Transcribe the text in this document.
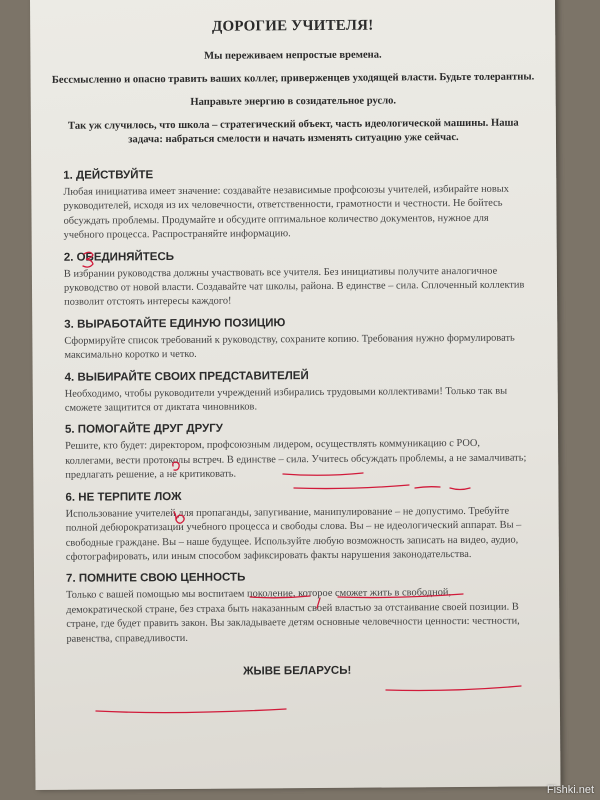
ДОРОГИЕ УЧИТЕЛЯ!

Мы переживаем непростые времена.

Бессмысленно и опасно травить ваших коллег, приверженцев уходящей власти. Будьте толерантны.

Направьте энергию в созидательное русло.

Так уж случилось, что школа – стратегический объект, часть идеологической машины. Наша задача: набраться смелости и начать изменять ситуацию уже сейчас.

1. ДЕЙСТВУЙТЕ

Любая инициатива имеет значение: создавайте независимые профсоюзы учителей, избирайте новых руководителей, исходя из их человечности, ответственности, грамотности и честности. Не бойтесь обсуждать проблемы. Продумайте и обсудите оптимальное количество документов, нужное для учебного процесса. Распространяйте информацию.

2. ОБЕДИНЯЙТЕСЬ

В избрании руководства должны участвовать все учителя. Без инициативы получите аналогичное руководство от новой власти. Создавайте чат школы, района. В единстве – сила. Сплоченный коллектив позволит отстоять интересы каждого!

3. ВЫРАБОТАЙТЕ ЕДИНУЮ ПОЗИЦИЮ

Сформируйте список требований к руководству, сохраните копию. Требования нужно формулировать максимально коротко и четко.

4. ВЫБИРАЙТЕ СВОИХ ПРЕДСТАВИТЕЛЕЙ

Необходимо, чтобы руководители учреждений избирались трудовыми коллективами! Только так вы сможете защитится от диктата чиновников.

5. ПОМОГАЙТЕ ДРУГ ДРУГУ

Решите, кто будет: директором, профсоюзным лидером, осуществлять коммуникацию с РОО, коллегами, вести протоколы встреч. В единстве – сила. Учитесь обсуждать проблемы, а не замалчивать; предлагать решение, а не критиковать.

6. НЕ ТЕРПИТЕ ЛОЖ

Использование учителей для пропаганды, запугивание, манипулирование – не допустимо. Требуйте полной дебюрократизации учебного процесса и свободы слова. Вы – не идеологический аппарат. Вы – свободные граждане. Вы – наше будущее. Используйте любую возможность записать на видео, аудио, сфотографировать, или иным способом зафиксировать факты нарушения законодательства.

7. ПОМНИТЕ СВОЮ ЦЕННОСТЬ

Только с вашей помощью мы воспитаем поколение, которое сможет жить в свободной, демократической стране, без страха быть наказанным своей властью за отстаивание своей позиции. В стране, где будет править закон. Вы закладываете детям основные человечности ценности: честности, равенства, справедливости.

ЖЫВЕ БЕЛАРУСЬ!
Fishki.net
